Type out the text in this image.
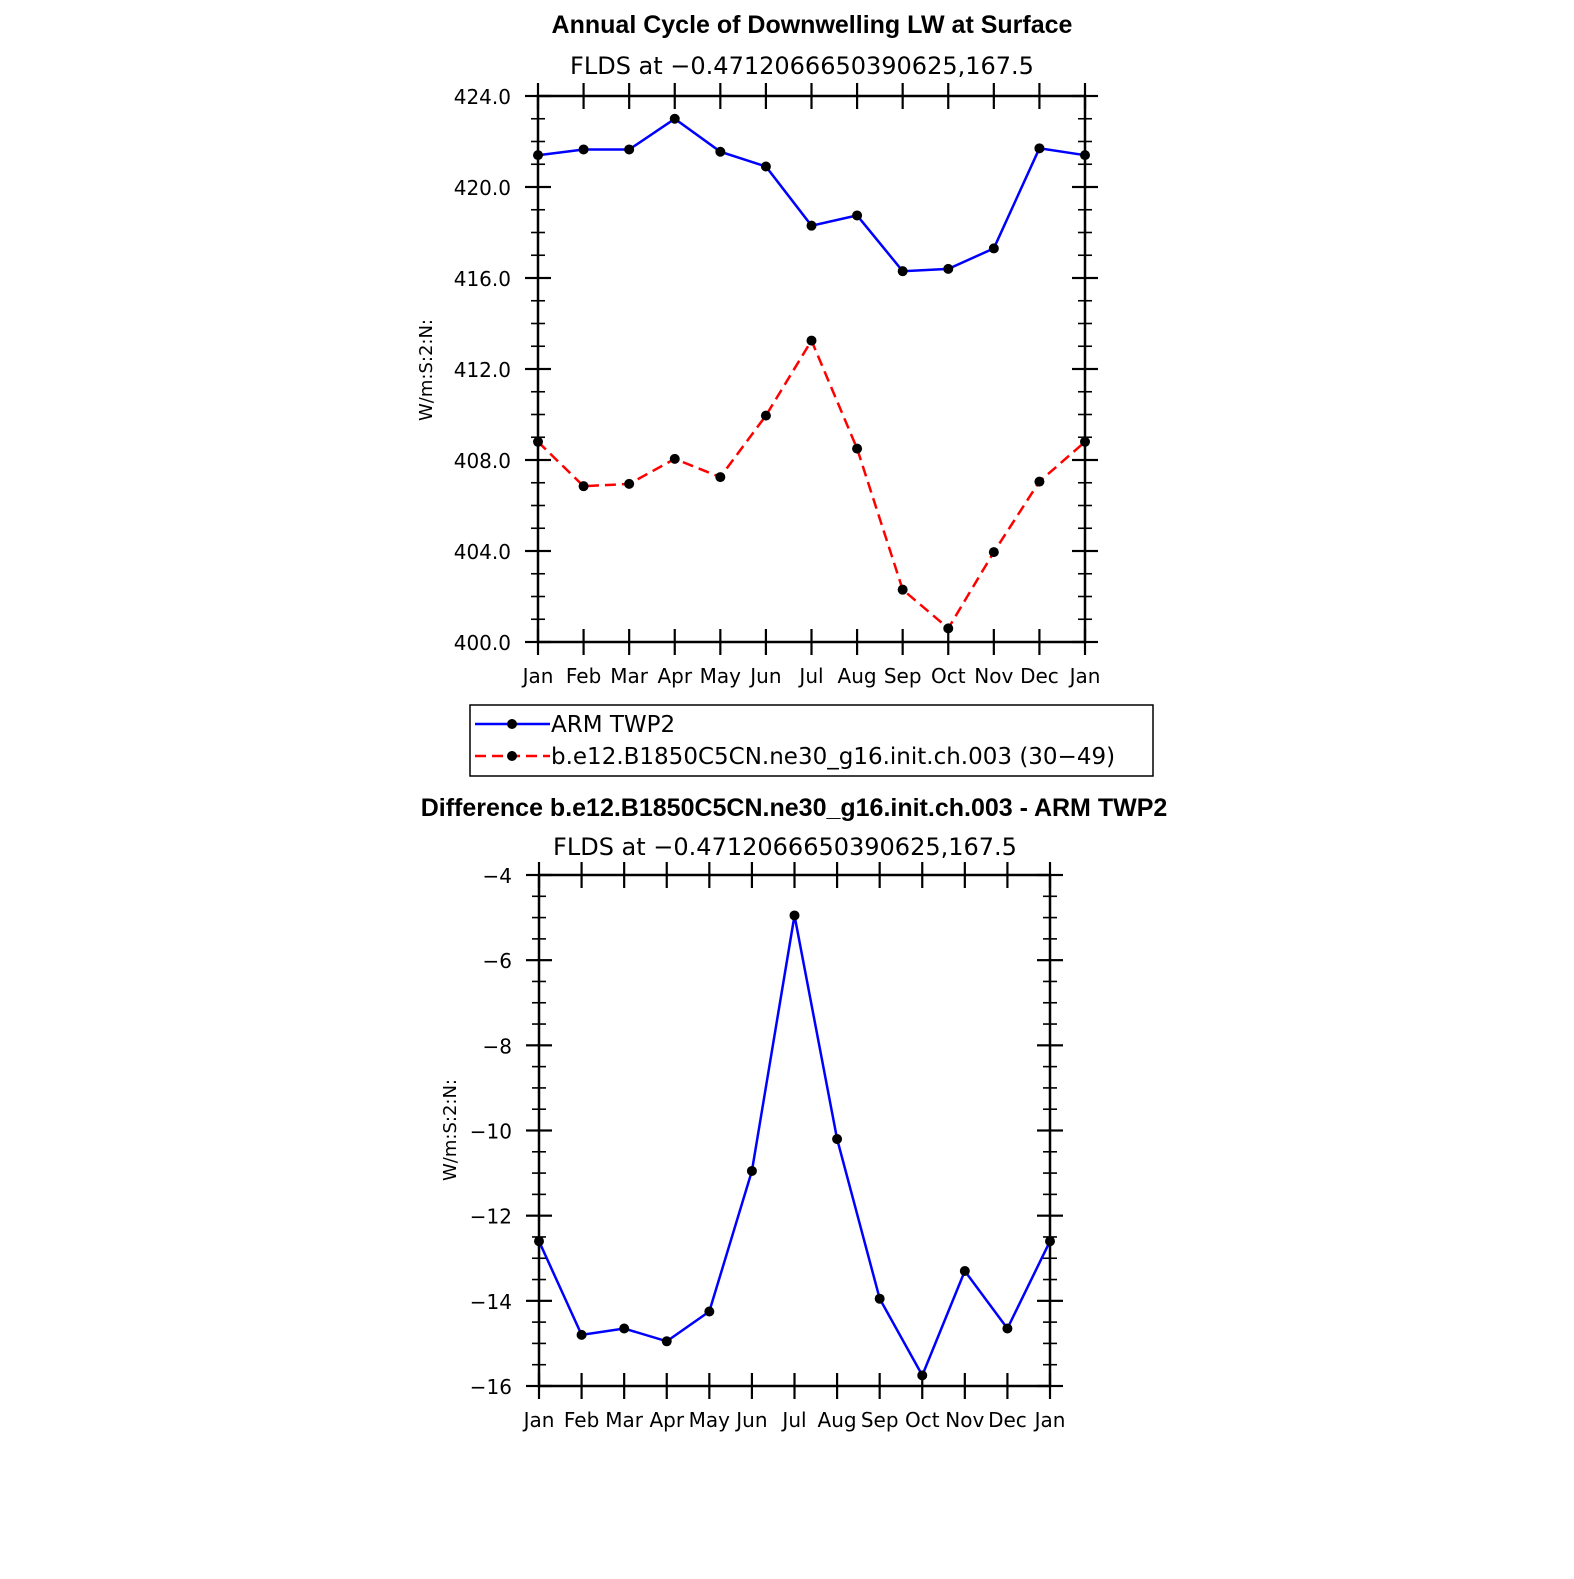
Annual Cycle of Downwelling LW at Surface
FLDS at −0.4712066650390625,167.5
W/m:S:2:N:
Jan Feb Mar Apr May Jun Jul Aug Sep Oct Nov Dec Jan
400.0
404.0
408.0
412.0
416.0
420.0
424.0
ARM TWP2
b.e12.B1850C5CN.ne30_g16.init.ch.003 (30−49)
Difference b.e12.B1850C5CN.ne30_g16.init.ch.003 - ARM TWP2
FLDS at −0.4712066650390625,167.5
W/m:S:2:N:
Jan Feb Mar Apr May Jun Jul Aug Sep Oct Nov Dec Jan
−16
−14
−12
−10
−8
−6
−4
